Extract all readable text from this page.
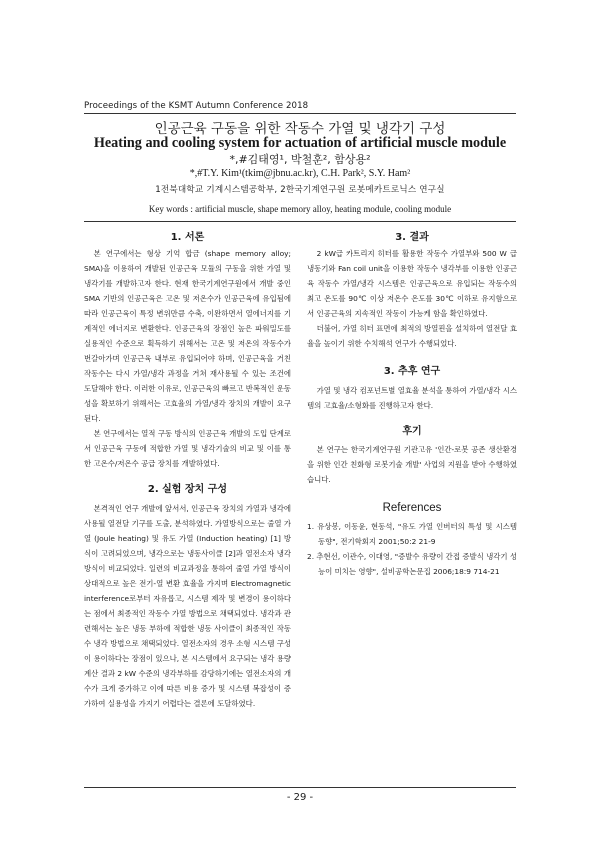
Proceedings of the KSMT Autumn Conference 2018
인공근육 구동을 위한 작동수 가열 및 냉각기 구성
Heating and cooling system for actuation of artificial muscle module
*,#김태영¹, 박철훈², 함상용²
*,#T.Y. Kim¹(tkim@jbnu.ac.kr), C.H. Park², S.Y. Ham²
1전북대학교 기계시스템공학부, 2한국기계연구원 로봇메카트로닉스 연구실
Key words : artificial muscle, shape memory alloy, heating module, cooling module
1. 서론

본 연구에서는 형상 기억 합금 (shape memory alloy; SMA)을 이용하여 개발된 인공근육 모듈의 구동을 위한 가열 및 냉각기를 개발하고자 한다. 현재 한국기계연구원에서 개발 중인 SMA 기반의 인공근육은 고온 및 저온수가 인공근육에 유입됨에 따라 인공근육이 특정 변위만큼 수축, 이완하면서 열에너지를 기계적인 에너지로 변환한다. 인공근육의 장점인 높은 파워밀도를 실용적인 수준으로 획득하기 위해서는 고온 및 저온의 작동수가 번갈아가며 인공근육 내부로 유입되어야 하며, 인공근육을 거친 작동수는 다시 가열/냉각 과정을 거쳐 재사용될 수 있는 조건에 도달해야 한다. 이러한 이유로, 인공근육의 빠르고 반복적인 운동성을 확보하기 위해서는 고효율의 가열/냉각 장치의 개발이 요구된다.

본 연구에서는 열적 구동 방식의 인공근육 개발의 도입 단계로서 인공근육 구동에 적합한 가열 및 냉각기술의 비교 및 이를 통한 고온수/저온수 공급 장치를 개발하였다.

2. 실험 장치 구성

본격적인 연구 개발에 앞서서, 인공근육 장치의 가열과 냉각에 사용될 열전달 기구를 도출, 분석하였다. 가열방식으로는 줄열 가열 (Joule heating) 및 유도 가열 (Induction heating) [1] 방식이 고려되었으며, 냉각으로는 냉동사이클 [2]과 열전소자 냉각 방식이 비교되었다. 일련의 비교과정을 통하여 줄열 가열 방식이 상대적으로 높은 전기-열 변환 효율을 가지며 Electromagnetic interference로부터 자유롭고, 시스템 제작 및 변경이 용이하다는 점에서 최종적인 작동수 가열 방법으로 채택되었다. 냉각과 관련해서는 높은 냉동 부하에 적합한 냉동 사이클이 최종적인 작동수 냉각 방법으로 채택되었다. 열전소자의 경우 소형 시스템 구성이 용이하다는 장점이 있으나, 본 시스템에서 요구되는 냉각 용량 계산 결과 2 kW 수준의 냉각부하를 감당하기에는 열전소자의 개수가 크게 증가하고 이에 따른 비용 증가 및 시스템 복잡성이 증가하여 실용성을 가지기 어렵다는 결론에 도달하였다.

3. 결과

2 kW급 카트리지 히터를 활용한 작동수 가열부와 500 W 급 냉동기와 Fan coil unit을 이용한 작동수 냉각부를 이용한 인공근육 작동수 가열/냉각 시스템은 인공근육으로 유입되는 작동수의 최고 온도를 90℃ 이상 저온수 온도를 30℃ 이하로 유지함으로서 인공근육의 지속적인 작동이 가능케 함을 확인하였다.

더불어, 가열 히터 표면에 최적의 방열핀을 설치하여 열전달 효율을 높이기 위한 수치해석 연구가 수행되었다.

3. 추후 연구

가열 및 냉각 컴포넌트별 열효율 분석을 통하여 가열/냉각 시스템의 고효율/소형화를 진행하고자 한다.

후기

본 연구는 한국기계연구원 기관고유 '인간-로봇 공존 생산환경을 위한 인간 친화형 로봇기술 개발' 사업의 지원을 받아 수행하였습니다.

References

1. 유상봉, 이동윤, 현동석, "유도 가열 인버터의 특성 및 시스템 동향", 전기학회지 2001;50:2 21-9

2. 추현선, 이관수, 이대영, "증발수 유량이 간접 증발식 냉각기 성능이 미치는 영향", 설비공학논문집 2006;18:9 714-21

- 29 -
